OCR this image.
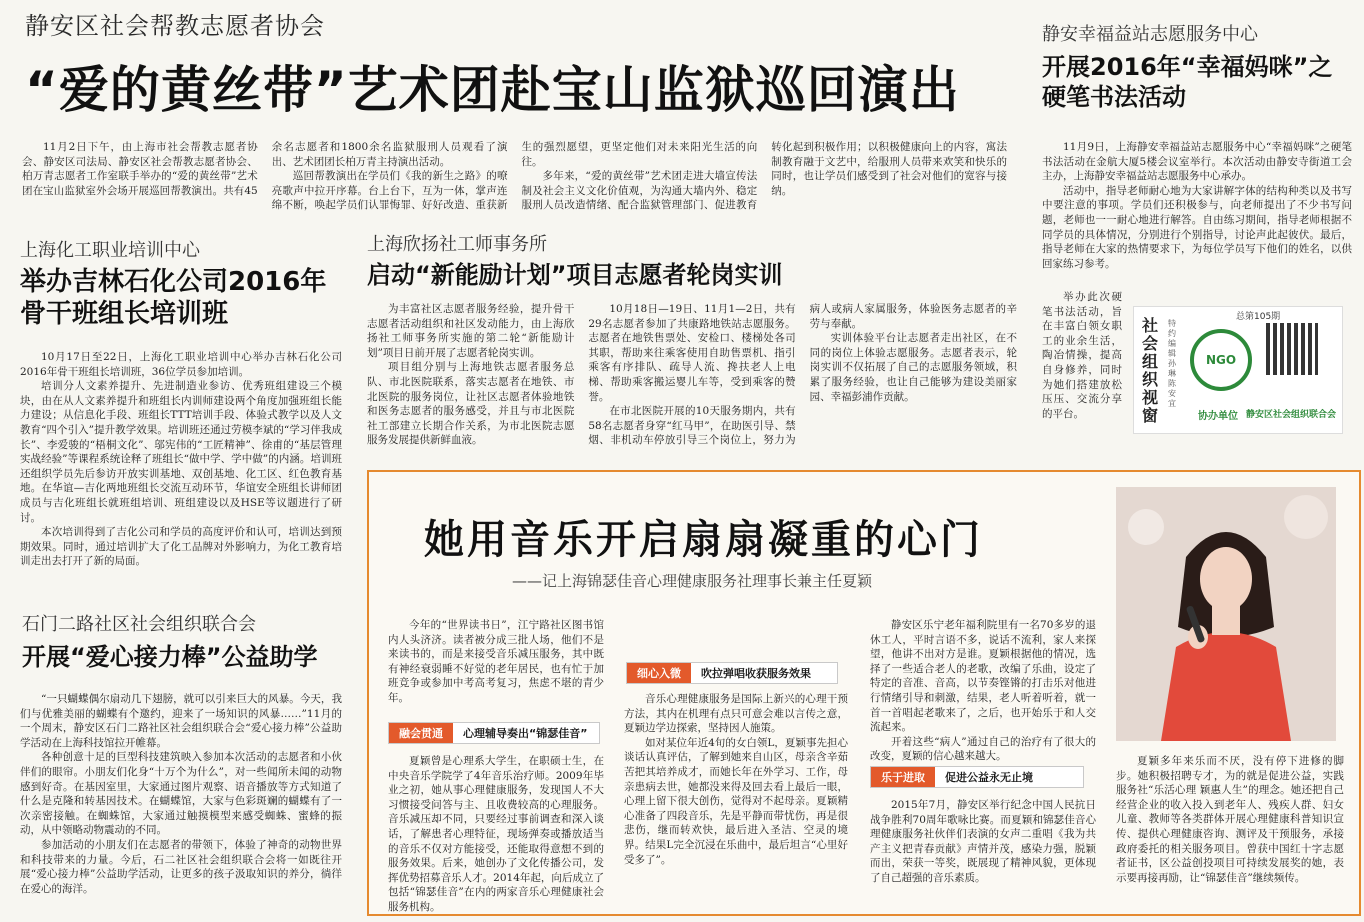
静安区社会帮教志愿者协会
“爱的黄丝带”艺术团赴宝山监狱巡回演出

11月2日下午，由上海市社会帮教志愿者协会、静安区司法局、静安区社会帮教志愿者协会、柏万青志愿者工作室联手举办的“爱的黄丝带”艺术团在宝山监狱室外会场开展巡回帮教演出。共有45余名志愿者和1800余名监狱服刑人员观看了演出、艺术团团长柏万青主持演出活动。

巡回帮教演出在学员们《我的新生之路》的嘹亮歌声中拉开序幕。台上台下，互为一体，掌声连绵不断，唤起学员们认罪悔罪、好好改造、重获新生的强烈愿望，更坚定他们对未来阳光生活的向往。

多年来，“爱的黄丝带”艺术团走进大墙宣传法制及社会主义文化价值观，为沟通大墙内外、稳定服刑人员改造情绪、配合监狱管理部门、促进教育转化起到积极作用；以积极健康向上的内容，寓法制教育融于文艺中，给服刑人员带来欢笑和快乐的同时，也让学员们感受到了社会对他们的宽容与接纳。

静安幸福益站志愿服务中心
开展2016年“幸福妈咪”之硬笔书法活动

11月9日，上海静安幸福益站志愿服务中心“幸福妈咪”之硬笔书法活动在金航大厦5楼会议室举行。本次活动由静安寺街道工会主办，上海静安幸福益站志愿服务中心承办。

活动中，指导老师耐心地为大家讲解字体的结构种类以及书写中要注意的事项。学员们还积极参与，向老师提出了不少书写问题，老师也一一耐心地进行解答。自由练习期间，指导老师根据不同学员的具体情况，分别进行个别指导，讨论声此起彼伏。最后，指导老师在大家的热情要求下，为每位学员写下他们的姓名，以供回家练习参考。

举办此次硬笔书法活动，旨在丰富白领女职工的业余生活，陶冶情操，提高自身修养，同时为她们搭建放松压压、交流分享的平台。

社会组织视窗
特约编辑 孙琳 陈安宜
总第105期
NGO
协办单位 静安区社会组织联合会
上海化工职业培训中心
举办吉林石化公司2016年骨干班组长培训班

10月17日至22日，上海化工职业培训中心举办吉林石化公司2016年骨干班组长培训班，36位学员参加培训。

培训分人文素养提升、先进制造业参访、优秀班组建设三个模块，由在从人文素养提升和班组长内训师建设两个角度加强班组长能力建设；从信息化手段、班组长TTT培训手段、体验式教学以及人文教育“四个引入”提升教学效果。培训班还通过劳模李斌的“学习伴我成长”、李爱骏的“梧桐文化”、邬宪伟的“工匠精神”、徐甫的“基层管理实战经验”等课程系统诠释了班组长“做中学、学中做”的内涵。培训班还组织学员先后参访开放实训基地、双创基地、化工区、红色教育基地。在华谊—吉化两地班组长交流互动环节，华谊安全班组长讲师团成员与吉化班组长就班组培训、班组建设以及HSE等议题进行了研讨。

本次培训得到了吉化公司和学员的高度评价和认可，培训达到预期效果。同时，通过培训扩大了化工品牌对外影响力，为化工教育培训走出去打开了新的局面。

石门二路社区社会组织联合会
开展“爱心接力棒”公益助学

“一只蝴蝶偶尔扇动几下翅膀，就可以引来巨大的风暴。今天，我们与优雅美丽的蝴蝶有个邀约，迎来了一场知识的风暴……”11月的一个周末，静安区石门二路社区社会组织联合会“爱心接力棒”公益助学活动在上海科技馆拉开帷幕。

各种创意十足的巨型科技建筑映入参加本次活动的志愿者和小伙伴们的眼帘。小朋友们化身“十万个为什么”，对一些闻所未闻的动物感到好奇。在基因室里，大家通过图片观察、语音播放等方式知道了什么是克隆和转基因技术。在蝴蝶馆，大家与色彩斑斓的蝴蝶有了一次亲密接触。在蜘蛛馆，大家通过触摸模型来感受蜘蛛、蜜蜂的振动，从中领略动物震动的不同。

参加活动的小朋友们在志愿者的带领下，体验了神奇的动物世界和科技带来的力量。今后，石二社区社会组织联合会将一如既往开展“爱心接力棒”公益助学活动，让更多的孩子汲取知识的养分，徜徉在爱心的海洋。

上海欣扬社工师事务所
启动“新能励计划”项目志愿者轮岗实训

为丰富社区志愿者服务经验，提升骨干志愿者活动组织和社区发动能力，由上海欣扬社工师事务所实施的第二轮“新能励计划”项目日前开展了志愿者轮岗实训。

项目组分别与上海地铁志愿者服务总队、市北医院联系，落实志愿者在地铁、市北医院的服务岗位，让社区志愿者体验地铁和医务志愿者的服务感受，并且与市北医院社工部建立长期合作关系，为市北医院志愿服务发展提供新鲜血液。

10月18日—19日、11月1—2日，共有29名志愿者参加了共康路地铁站志愿服务。志愿者在地铁售票处、安检口、楼梯处各司其职，帮助来往乘客使用自助售票机、指引乘客有序排队、疏导人流、搀扶老人上电梯、帮助乘客搬运婴儿车等，受到乘客的赞誉。

在市北医院开展的10天服务期内，共有58名志愿者身穿“红马甲”，在助医引导、禁烟、非机动车停放引导三个岗位上，努力为病人或病人家属服务，体验医务志愿者的辛劳与奉献。

实训体验平台让志愿者走出社区，在不同的岗位上体验志愿服务。志愿者表示，轮岗实训不仅拓展了自己的志愿服务领域，积累了服务经验，也让自己能够为建设美丽家园、幸福彭浦作贡献。

她用音乐开启扇扇凝重的心门
——记上海锦瑟佳音心理健康服务社理事长兼主任夏颖

今年的“世界读书日”，江宁路社区图书馆内人头济济。读者被分成三批人场，他们不是来读书的，而是来接受音乐减压服务，其中既有神经衰弱睡不好觉的老年居民，也有忙于加班竞争或参加中考高考复习，焦虑不堪的青少年。

融会贯通	心理辅导奏出“锦瑟佳音”

夏颖曾是心理系大学生，在职硕士生，在中央音乐学院学了4年音乐治疗师。2009年毕业之初，她从事心理健康服务，发现国人不大习惯接受问答与主、且收费较高的心理服务。音乐减压却不同，只要经过事前调查和深入谈话，了解患者心理特征，现场弹奏或播放适当的音乐不仅对方能接受，还能取得意想不到的服务效果。后来，她创办了文化传播公司，发挥优势招募音乐人才。2014年起，向后成立了包括“锦瑟佳音”在内的两家音乐心理健康社会服务机构。

细心入微	吹拉弹唱收获服务效果

音乐心理健康服务是国际上新兴的心理干预方法，其内在机理有点只可意会难以言传之意，夏颖边学边探索，坚持因人施策。

如对某位年近4旬的女白领L，夏颖事先担心谈话认真评估，了解到她来自山区，母亲含辛茹苦把其培养成才，而她长年在外学习、工作，母亲患病去世，她都没来得及回去看上最后一眼，心理上留下很大创伤，觉得对不起母亲。夏颖精心准备了四段音乐，先是平静而带忧伤，再是很悲伤，继而转欢快，最后进入圣洁、空灵的境界。结果L完全沉浸在乐曲中，最后坦言“心里好受多了”。

静安区乐宁老年福利院里有一名70多岁的退休工人，平时言语不多，说话不流利，家人来探望，他讲不出对方是谁。夏颖根据他的情况，选择了一些适合老人的老歌，改编了乐曲，设定了特定的音准、音高，以节奏铿锵的打击乐对他进行情绪引导和刺激，结果，老人听着听着，就一首一首唱起老歌来了，之后，也开始乐于和人交流起来。

开着这些“病人”通过自己的治疗有了很大的改变，夏颖的信心越来越大。

乐于进取	促进公益永无止境

2015年7月，静安区举行纪念中国人民抗日战争胜利70周年歌咏比赛。而夏颖和锦瑟佳音心理健康服务社伙伴们表演的女声二重唱《我为共产主义把青春贡献》声情并茂，感染力强，脱颖而出，荣获一等奖，既展现了精神风貌，更体现了自己超强的音乐素质。

夏颖多年来乐而不厌，没有停下进修的脚步。她积极招聘专才，为的就是促进公益，实践服务社“乐活心理 颖惠人生”的理念。她还把自己经营企业的收入投入到老年人、残疾人群、妇女儿童、教师等各类群体开展心理健康科普知识宣传、提供心理健康咨询、测评及干预服务，承接政府委托的相关服务项目。曾获中国红十字志愿者证书，区公益创投项目可持续发展奖的她，表示要再接再励，让“锦瑟佳音”继续频传。
